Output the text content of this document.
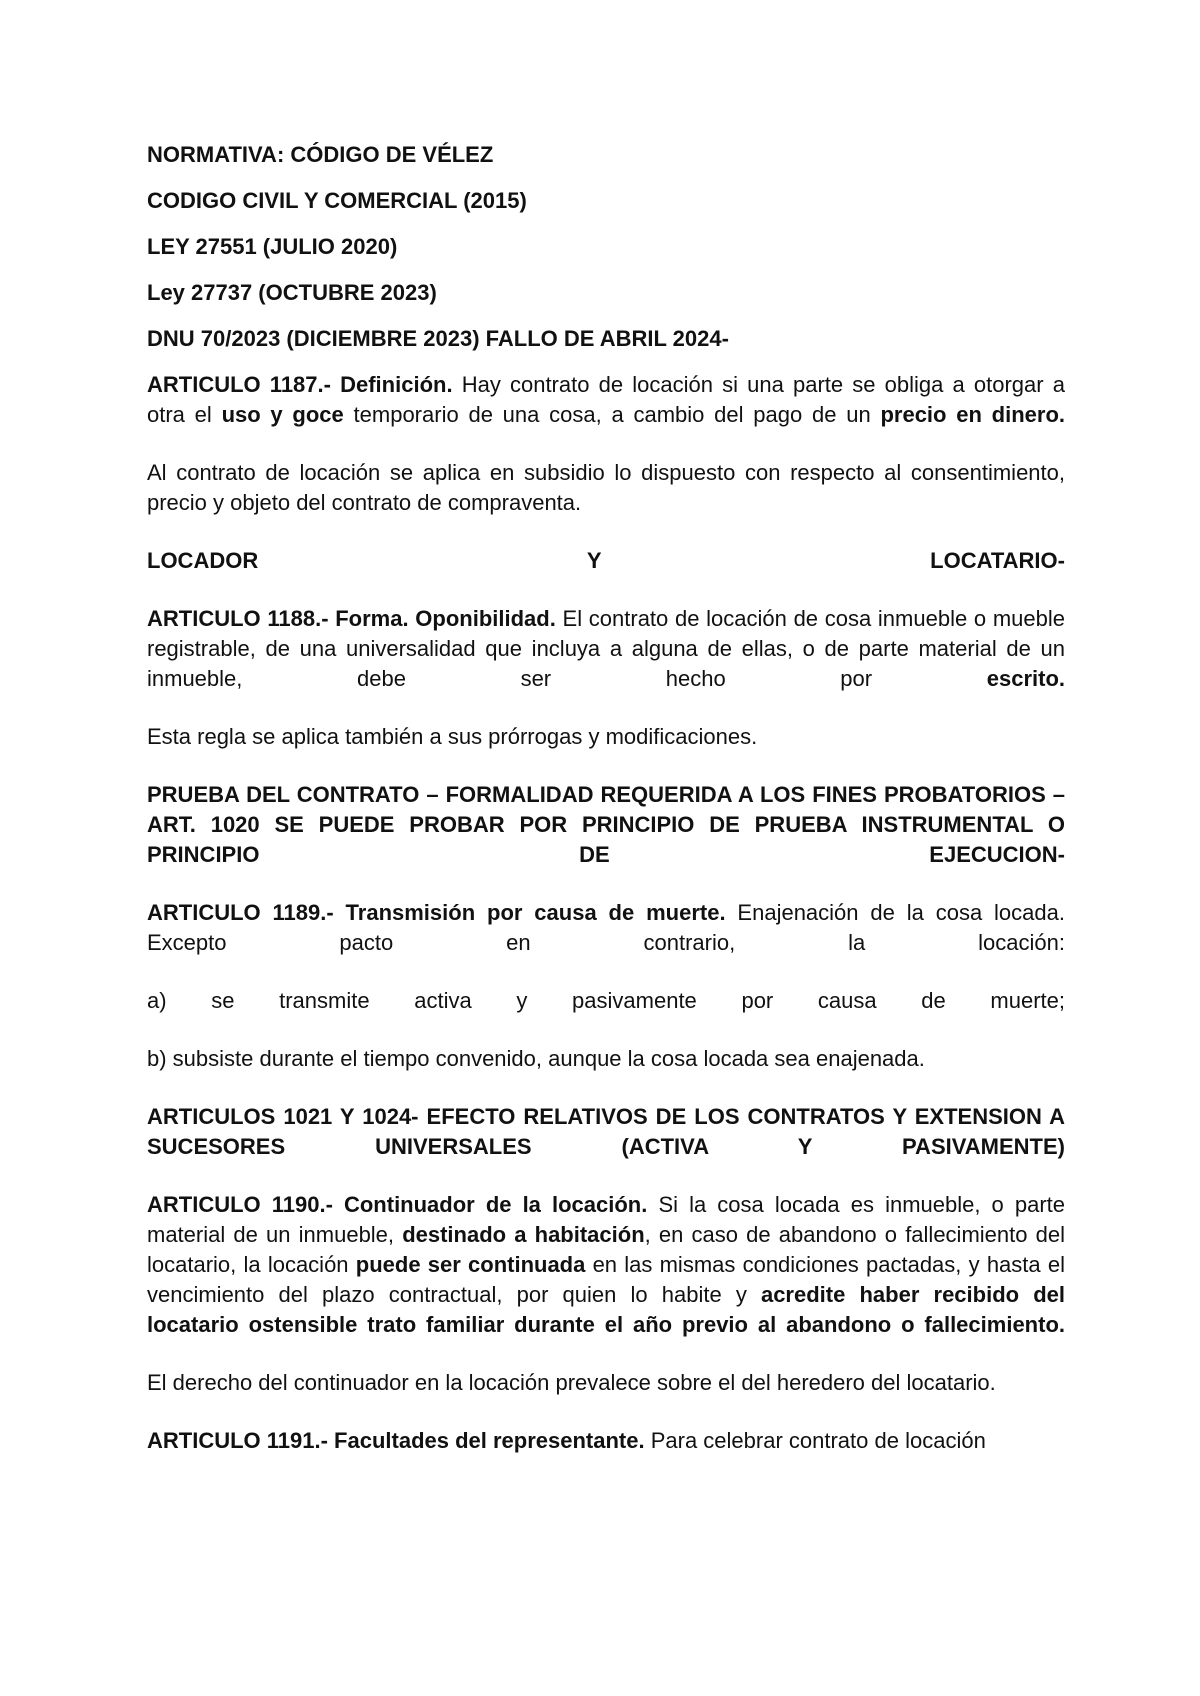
NORMATIVA: CÓDIGO DE VÉLEZ

CODIGO CIVIL Y COMERCIAL (2015)

LEY 27551 (JULIO 2020)

Ley 27737 (OCTUBRE 2023)

DNU 70/2023 (DICIEMBRE 2023) FALLO DE ABRIL 2024-

ARTICULO 1187.- Definición. Hay contrato de locación si una parte se obliga a otorgar a otra el uso y goce temporario de una cosa, a cambio del pago de un precio en dinero.

Al contrato de locación se aplica en subsidio lo dispuesto con respecto al consentimiento, precio y objeto del contrato de compraventa.

LOCADOR Y LOCATARIO-

ARTICULO 1188.- Forma. Oponibilidad. El contrato de locación de cosa inmueble o mueble registrable, de una universalidad que incluya a alguna de ellas, o de parte material de un inmueble, debe ser hecho por escrito.

Esta regla se aplica también a sus prórrogas y modificaciones.

PRUEBA DEL CONTRATO – FORMALIDAD REQUERIDA A LOS FINES PROBATORIOS – ART. 1020 SE PUEDE PROBAR POR PRINCIPIO DE PRUEBA INSTRUMENTAL O PRINCIPIO DE EJECUCION-

ARTICULO 1189.- Transmisión por causa de muerte. Enajenación de la cosa locada. Excepto pacto en contrario, la locación:

a) se transmite activa y pasivamente por causa de muerte;

b) subsiste durante el tiempo convenido, aunque la cosa locada sea enajenada.

ARTICULOS 1021 Y 1024- EFECTO RELATIVOS DE LOS CONTRATOS Y EXTENSION A SUCESORES UNIVERSALES (ACTIVA Y PASIVAMENTE)

ARTICULO 1190.- Continuador de la locación. Si la cosa locada es inmueble, o parte material de un inmueble, destinado a habitación, en caso de abandono o fallecimiento del locatario, la locación puede ser continuada en las mismas condiciones pactadas, y hasta el vencimiento del plazo contractual, por quien lo habite y acredite haber recibido del locatario ostensible trato familiar durante el año previo al abandono o fallecimiento.

El derecho del continuador en la locación prevalece sobre el del heredero del locatario.

ARTICULO 1191.- Facultades del representante. Para celebrar contrato de locación
